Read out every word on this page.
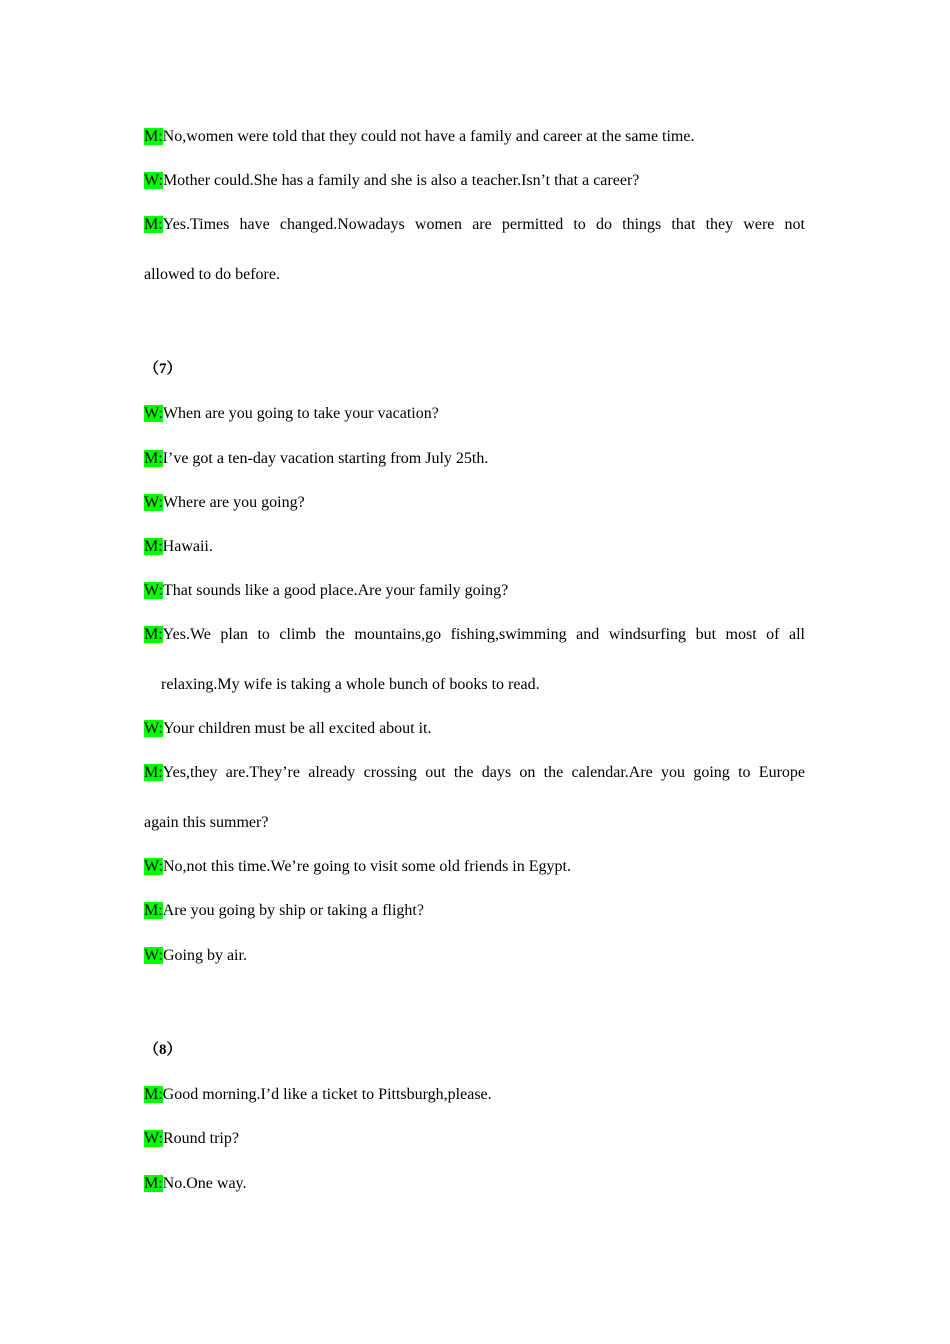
M:No,women were told that they could not have a family and career at the same time.
W:Mother could.She has a family and she is also a teacher.Isn’t that a career?
M:Yes.Times have changed.Nowadays women are permitted to do things that they were not
allowed to do before.
（7）
W:When are you going to take your vacation?
M:I’ve got a ten-day vacation starting from July 25th.
W:Where are you going?
M:Hawaii.
W:That sounds like a good place.Are your family going?
M:Yes.We plan to climb the mountains,go fishing,swimming and windsurfing but most of all
relaxing.My wife is taking a whole bunch of books to read.
W:Your children must be all excited about it.
M:Yes,they are.They’re already crossing out the days on the calendar.Are you going to Europe
again this summer?
W:No,not this time.We’re going to visit some old friends in Egypt.
M:Are you going by ship or taking a flight?
W:Going by air.
（8）
M:Good morning.I’d like a ticket to Pittsburgh,please.
W:Round trip?
M:No.One way.
